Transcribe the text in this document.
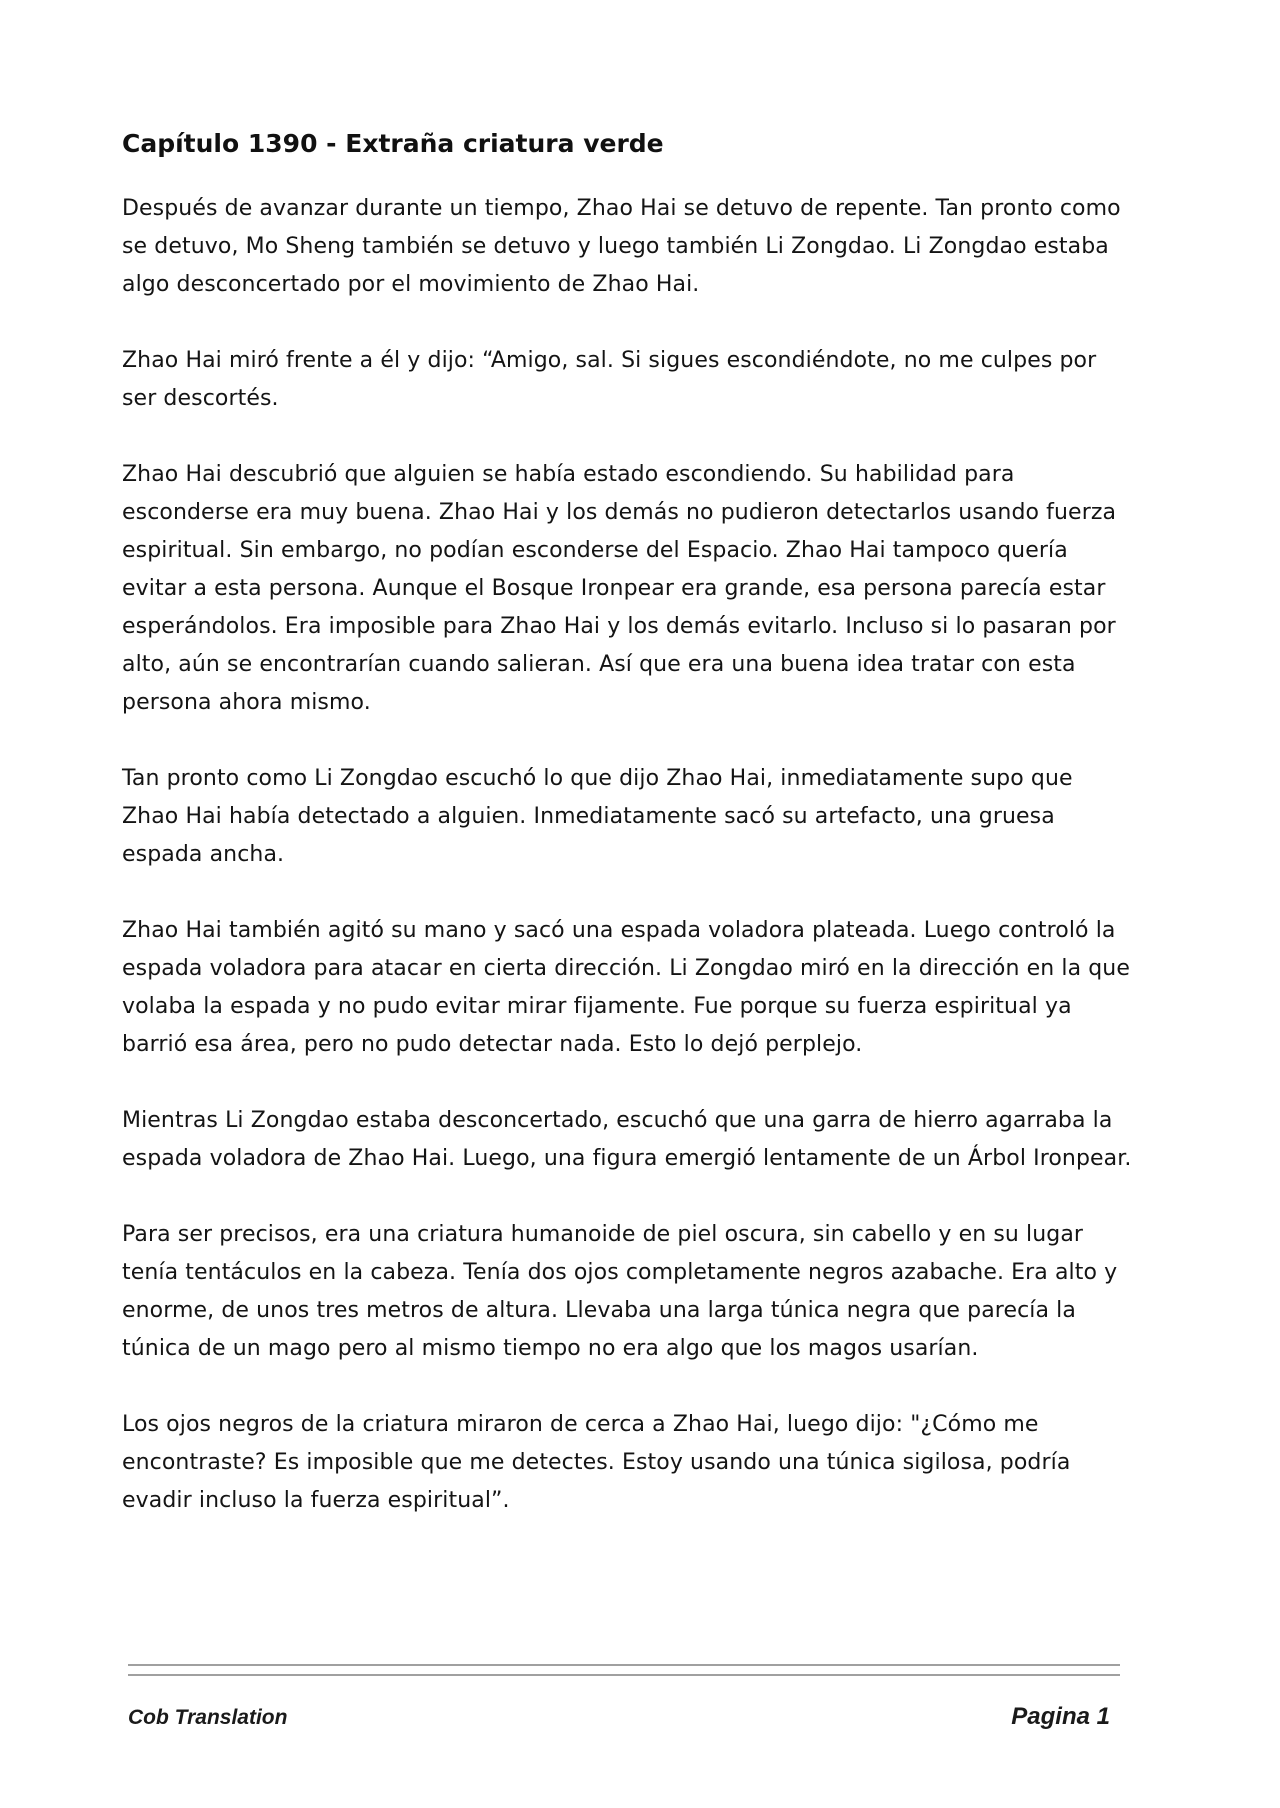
Capítulo 1390 - Extraña criatura verde

Después de avanzar durante un tiempo, Zhao Hai se detuvo de repente. Tan pronto como se detuvo, Mo Sheng también se detuvo y luego también Li Zongdao. Li Zongdao estaba algo desconcertado por el movimiento de Zhao Hai.

Zhao Hai miró frente a él y dijo: “Amigo, sal. Si sigues escondiéndote, no me culpes por ser descortés.

Zhao Hai descubrió que alguien se había estado escondiendo. Su habilidad para esconderse era muy buena. Zhao Hai y los demás no pudieron detectarlos usando fuerza espiritual. Sin embargo, no podían esconderse del Espacio. Zhao Hai tampoco quería evitar a esta persona. Aunque el Bosque Ironpear era grande, esa persona parecía estar esperándolos. Era imposible para Zhao Hai y los demás evitarlo. Incluso si lo pasaran por alto, aún se encontrarían cuando salieran. Así que era una buena idea tratar con esta persona ahora mismo.

Tan pronto como Li Zongdao escuchó lo que dijo Zhao Hai, inmediatamente supo que Zhao Hai había detectado a alguien. Inmediatamente sacó su artefacto, una gruesa espada ancha.

Zhao Hai también agitó su mano y sacó una espada voladora plateada. Luego controló la espada voladora para atacar en cierta dirección. Li Zongdao miró en la dirección en la que volaba la espada y no pudo evitar mirar fijamente. Fue porque su fuerza espiritual ya barrió esa área, pero no pudo detectar nada. Esto lo dejó perplejo.

Mientras Li Zongdao estaba desconcertado, escuchó que una garra de hierro agarraba la espada voladora de Zhao Hai. Luego, una figura emergió lentamente de un Árbol Ironpear.

Para ser precisos, era una criatura humanoide de piel oscura, sin cabello y en su lugar tenía tentáculos en la cabeza. Tenía dos ojos completamente negros azabache. Era alto y enorme, de unos tres metros de altura. Llevaba una larga túnica negra que parecía la túnica de un mago pero al mismo tiempo no era algo que los magos usarían.

Los ojos negros de la criatura miraron de cerca a Zhao Hai, luego dijo: "¿Cómo me encontraste? Es imposible que me detectes. Estoy usando una túnica sigilosa, podría evadir incluso la fuerza espiritual”.

Cob Translation	Pagina 1
